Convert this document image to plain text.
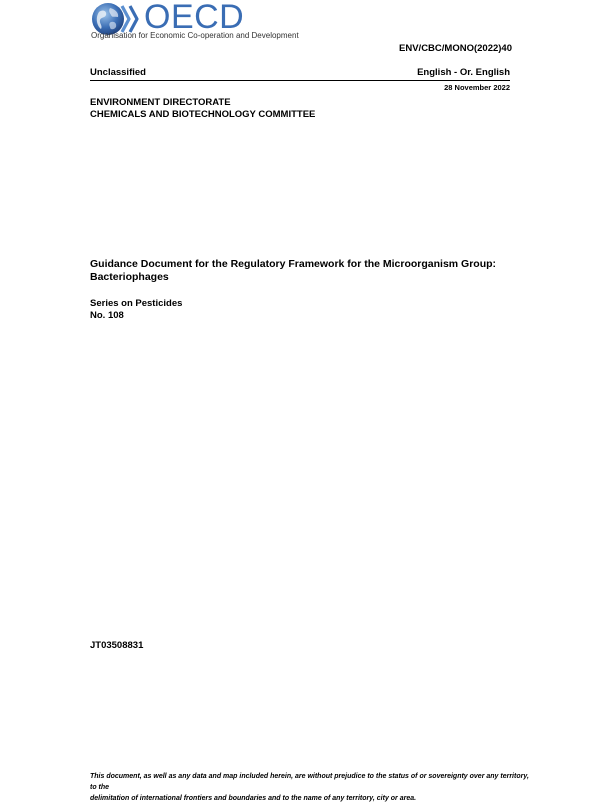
OECD
Organisation for Economic Co-operation and Development
ENV/CBC/MONO(2022)40
Unclassified	English - Or. English
28 November 2022
ENVIRONMENT DIRECTORATE
CHEMICALS AND BIOTECHNOLOGY COMMITTEE
Guidance Document for the Regulatory Framework for the Microorganism Group:
Bacteriophages
Series on Pesticides
No. 108
JT03508831
This document, as well as any data and map included herein, are without prejudice to the status of or sovereignty over any territory, to the
delimitation of international frontiers and boundaries and to the name of any territory, city or area.
